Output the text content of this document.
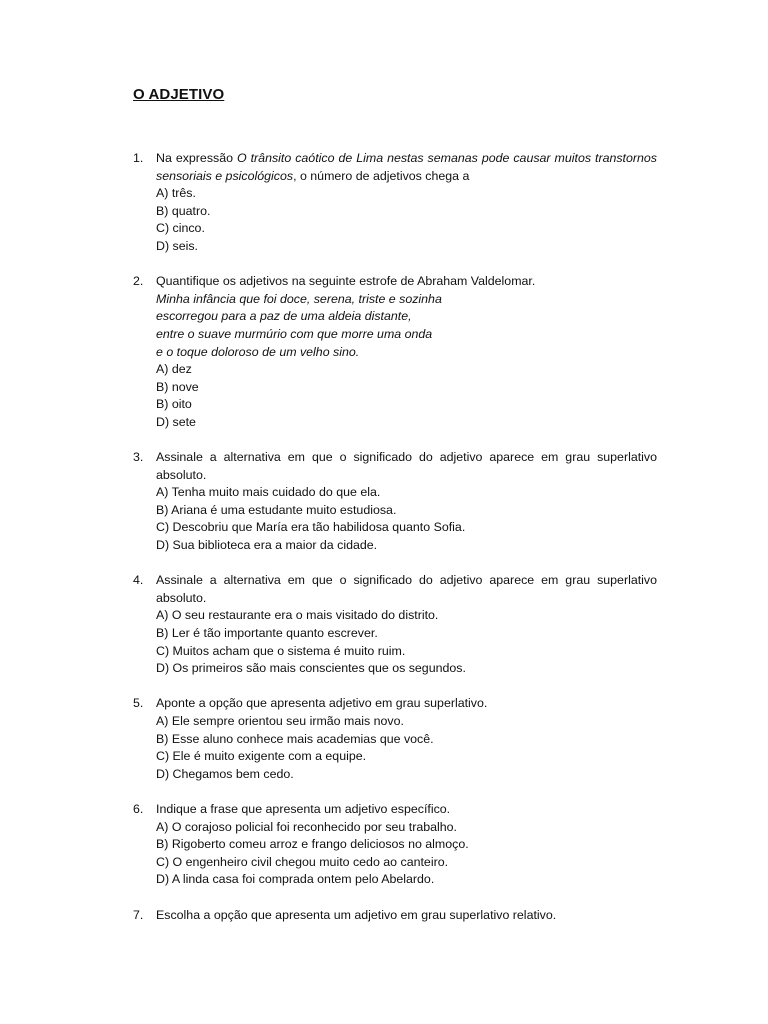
O ADJETIVO
1. Na expressão O trânsito caótico de Lima nestas semanas pode causar muitos transtornos sensoriais e psicológicos, o número de adjetivos chega a
A) três.
B) quatro.
C) cinco.
D) seis.
2. Quantifique os adjetivos na seguinte estrofe de Abraham Valdelomar.
Minha infância que foi doce, serena, triste e sozinha
escorregou para a paz de uma aldeia distante,
entre o suave murmúrio com que morre uma onda
e o toque doloroso de um velho sino.
A) dez
B) nove
B) oito
D) sete
3. Assinale a alternativa em que o significado do adjetivo aparece em grau superlativo absoluto.
A) Tenha muito mais cuidado do que ela.
B) Ariana é uma estudante muito estudiosa.
C) Descobriu que María era tão habilidosa quanto Sofia.
D) Sua biblioteca era a maior da cidade.
4. Assinale a alternativa em que o significado do adjetivo aparece em grau superlativo absoluto.
A) O seu restaurante era o mais visitado do distrito.
B) Ler é tão importante quanto escrever.
C) Muitos acham que o sistema é muito ruim.
D) Os primeiros são mais conscientes que os segundos.
5. Aponte a opção que apresenta adjetivo em grau superlativo.
A) Ele sempre orientou seu irmão mais novo.
B) Esse aluno conhece mais academias que você.
C) Ele é muito exigente com a equipe.
D) Chegamos bem cedo.
6. Indique a frase que apresenta um adjetivo específico.
A) O corajoso policial foi reconhecido por seu trabalho.
B) Rigoberto comeu arroz e frango deliciosos no almoço.
C) O engenheiro civil chegou muito cedo ao canteiro.
D) A linda casa foi comprada ontem pelo Abelardo.
7. Escolha a opção que apresenta um adjetivo em grau superlativo relativo.
